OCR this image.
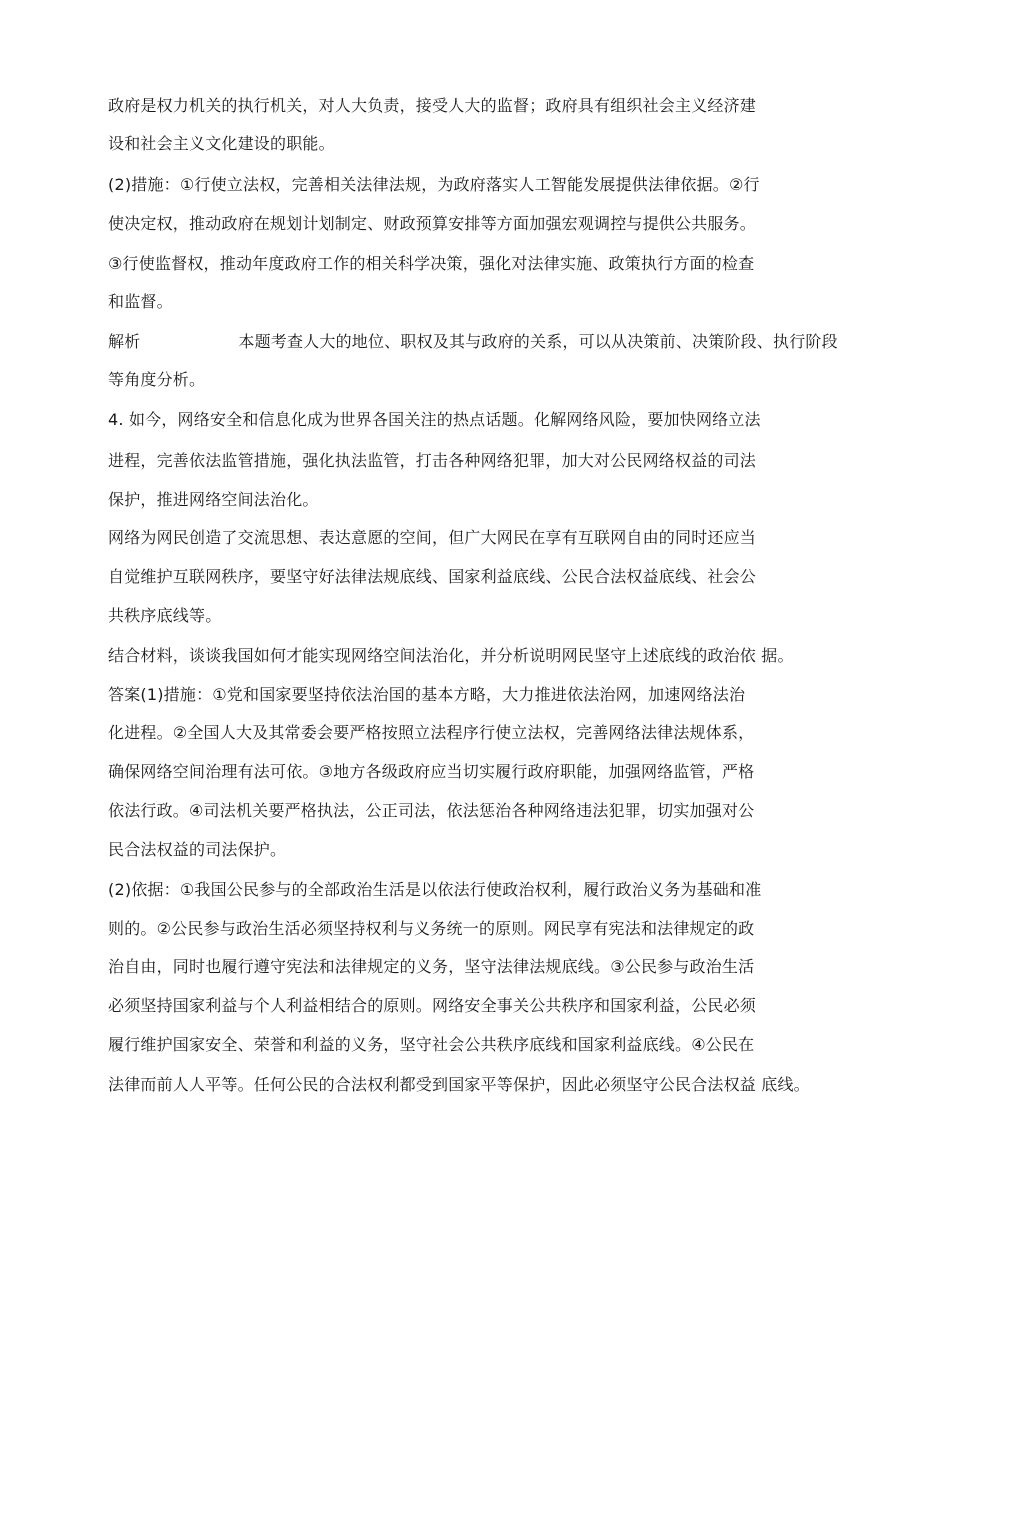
政府是权力机关的执行机关，对人大负责，接受人大的监督；政府具有组织社会主义经济建
设和社会主义文化建设的职能。
(2)措施：①行使立法权，完善相关法律法规，为政府落实人工智能发展提供法律依据。②行
使决定权，推动政府在规划计划制定、财政预算安排等方面加强宏观调控与提供公共服务。
③行使监督权，推动年度政府工作的相关科学决策，强化对法律实施、政策执行方面的检查
和监督。
解析	本题考查人大的地位、职权及其与政府的关系，可以从决策前、决策阶段、执行阶段
等角度分析。
4. 如今，网络安全和信息化成为世界各国关注的热点话题。化解网络风险，要加快网络立法
进程，完善依法监管措施，强化执法监管，打击各种网络犯罪，加大对公民网络权益的司法
保护，推进网络空间法治化。
网络为网民创造了交流思想、表达意愿的空间，但广大网民在享有互联网自由的同时还应当
自觉维护互联网秩序，要坚守好法律法规底线、国家利益底线、公民合法权益底线、社会公
共秩序底线等。
结合材料，谈谈我国如何才能实现网络空间法治化，并分析说明网民坚守上述底线的政治依 据。
答案(1)措施：①党和国家要坚持依法治国的基本方略，大力推进依法治网，加速网络法治
化进程。②全国人大及其常委会要严格按照立法程序行使立法权，完善网络法律法规体系，
确保网络空间治理有法可依。③地方各级政府应当切实履行政府职能，加强网络监管，严格
依法行政。④司法机关要严格执法，公正司法，依法惩治各种网络违法犯罪，切实加强对公
民合法权益的司法保护。
(2)依据：①我国公民参与的全部政治生活是以依法行使政治权利，履行政治义务为基础和准
则的。②公民参与政治生活必须坚持权利与义务统一的原则。网民享有宪法和法律规定的政
治自由，同时也履行遵守宪法和法律规定的义务，坚守法律法规底线。③公民参与政治生活
必须坚持国家利益与个人利益相结合的原则。网络安全事关公共秩序和国家利益，公民必须
履行维护国家安全、荣誉和利益的义务，坚守社会公共秩序底线和国家利益底线。④公民在
法律而前人人平等。任何公民的合法权利都受到国家平等保护，因此必须坚守公民合法权益 底线。
